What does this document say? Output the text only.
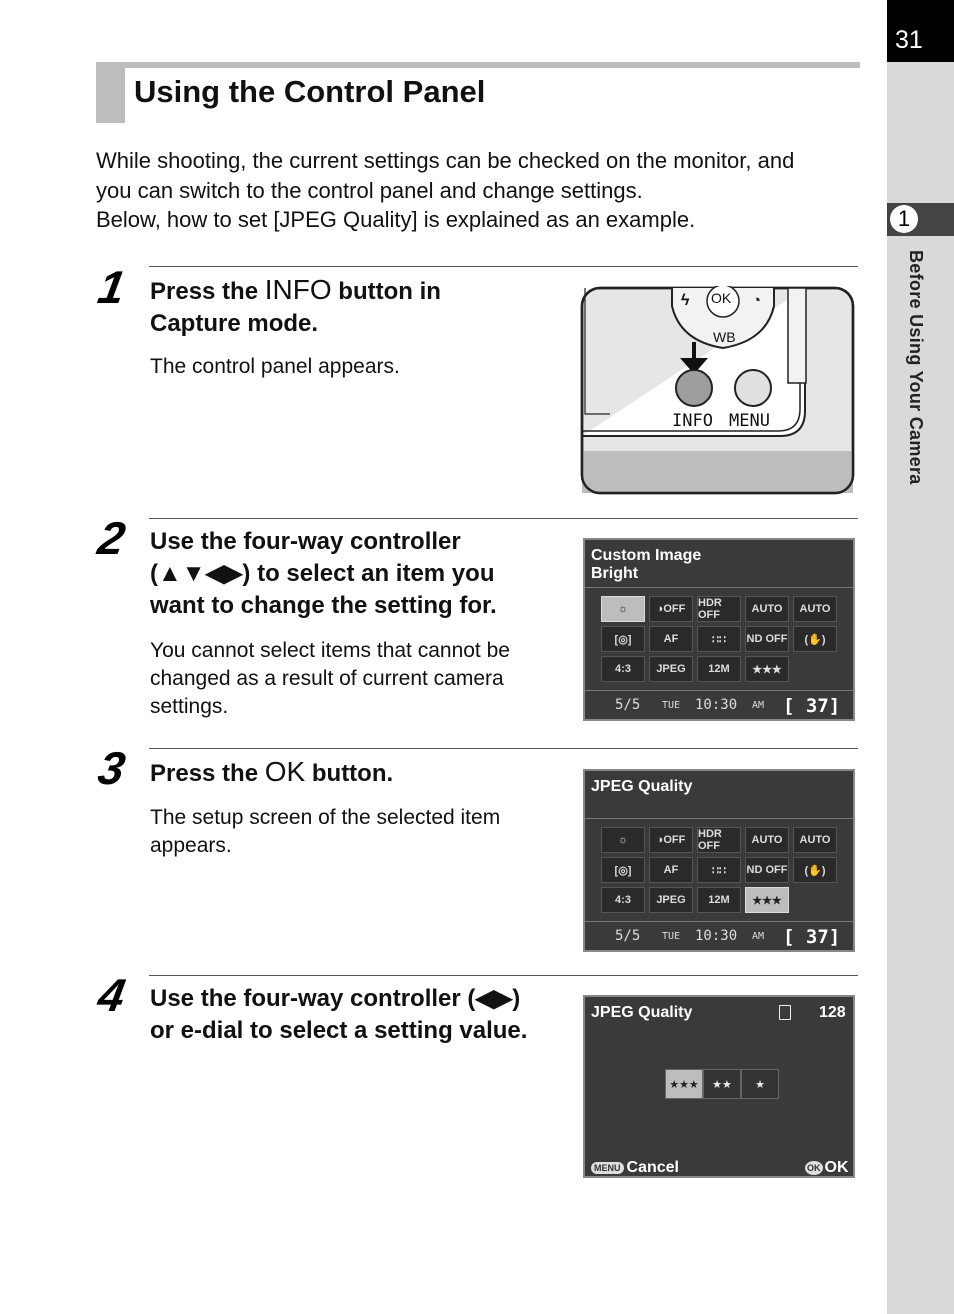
31
1
Before Using Your Camera
Using the Control Panel
While shooting, the current settings can be checked on the monitor, and
you can switch to the control panel and change settings.
Below, how to set [JPEG Quality] is explained as an example.
1 Press the INFO button in
Capture mode.
The control panel appears.
OK
WB
ϟ	◔
INFO MENU
2 Use the four-way controller
(▲▼◀▶) to select an item you
want to change the setting for.
You cannot select items that cannot be
changed as a result of current camera
settings.
Custom Image
Bright
☼	◑OFF	HDR OFF	AUTO	AUTO
[◎]	AF	∷∷	ND OFF	(✋)
4:3	JPEG	12M	★★★
5/5 TUE 10:30 AM [ 37]
3 Press the OK button.
The setup screen of the selected item
appears.
JPEG Quality
☼	◑OFF	HDR OFF	AUTO	AUTO
[◎]	AF	∷∷	ND OFF	(✋)
4:3	JPEG	12M	★★★
5/5 TUE 10:30 AM [ 37]
4 Use the four-way controller (◀▶)
or e-dial to select a setting value.
JPEG Quality	128
★★★	★★	★
MENU Cancel	OK OK
